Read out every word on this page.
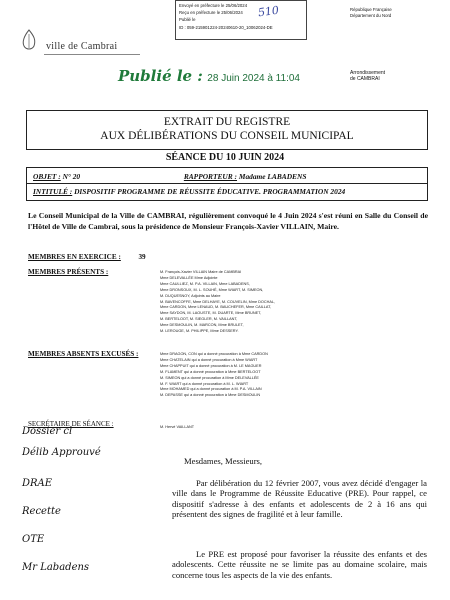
Envoyé en préfecture le 25/06/2024
Reçu en préfecture le 25/06/2024
Publié le
ID : 059-215901224-20240610-20_10062024-DE
510
ville de Cambrai
République Française
Département du Nord
Publié le : 28 Juin 2024 à 11:04	Arrondissement
de CAMBRAI
EXTRAIT DU REGISTRE
AUX DÉLIBÉRATIONS DU CONSEIL MUNICIPAL
SÉANCE DU 10 JUIN 2024
OBJET : N° 20	RAPPORTEUR : Madame LABADENS
INTITULÉ : DISPOSITIF PROGRAMME DE RÉUSSITE ÉDUCATIVE. PROGRAMMATION 2024
Le Conseil Municipal de la Ville de CAMBRAI, régulièrement convoqué le 4 Juin 2024 s'est réuni en Salle du Conseil de l'Hôtel de Ville de Cambrai, sous la présidence de Monsieur François-Xavier VILLAIN, Maire.
MEMBRES EN EXERCICE : 39
MEMBRES PRÉSENTS :	M. François-Xavier VILLAIN Maire de CAMBRAI
Mme DELEVALLÉE Mme Adjointe
Mme CAULLIEZ, M. P.A. VILLAIN, Mme LABADENS,
Mme DRONSOUX, M. L. SOUHÉ, Mme WIART, M. SIMEON,
M. DUQUESNOY, Adjoints au Maire
M. BAVENCOFFE, Mme DELHAYE, M. COUVELIN, Mme DOCHAL,
Mme CARDON, Mme LENAUD, M. BAUCHEFER, Mme CAILLAT,
Mme SAYDON, M. LAOUSTE, M. DUARTE, Mme BRUNET,
M. BERTELOOT, M. SIEGLER, M. VAILLANT,
Mme DESMOULIN, M. MARCON, Mme BRULET,
M. LEROUGE, M. PHILIPPE, Mme DESSERY.
MEMBRES ABSENTS EXCUSÉS :	Mme DRAGON, CON qui a donné procuration à Mme CARDON
Mme CHATELAIN qui a donné procuration à Mme WIART
Mme CHAPPUIT qui a donné procuration à M. LE MAGUER
M. FLAMENT qui a donné procuration à Mme BERTELOOT
M. SIMEON qui a donné procuration à Mme DELEVALLÉE
M. F. WIART qui a donné procuration à M. L. WIART
Mme MOHAMED qui a donné procuration à M. P.A. VILLAIN
M. DEPASSE qui a donné procuration à Mme DESMOULIN
SECRÉTAIRE DE SÉANCE :	M. Hervé VAILLANT
Dossier cl
Délib Approuvé
DRAE
Recette
OTE
Mr Labadens
Mesdames, Messieurs,
Par délibération du 12 février 2007, vous avez décidé d'engager la ville dans le Programme de Réussite Educative (PRE). Pour rappel, ce dispositif s'adresse à des enfants et adolescents de 2 à 16 ans qui présentent des signes de fragilité et à leur famille.
Le PRE est proposé pour favoriser la réussite des enfants et des adolescents. Cette réussite ne se limite pas au domaine scolaire, mais concerne tous les aspects de la vie des enfants.
